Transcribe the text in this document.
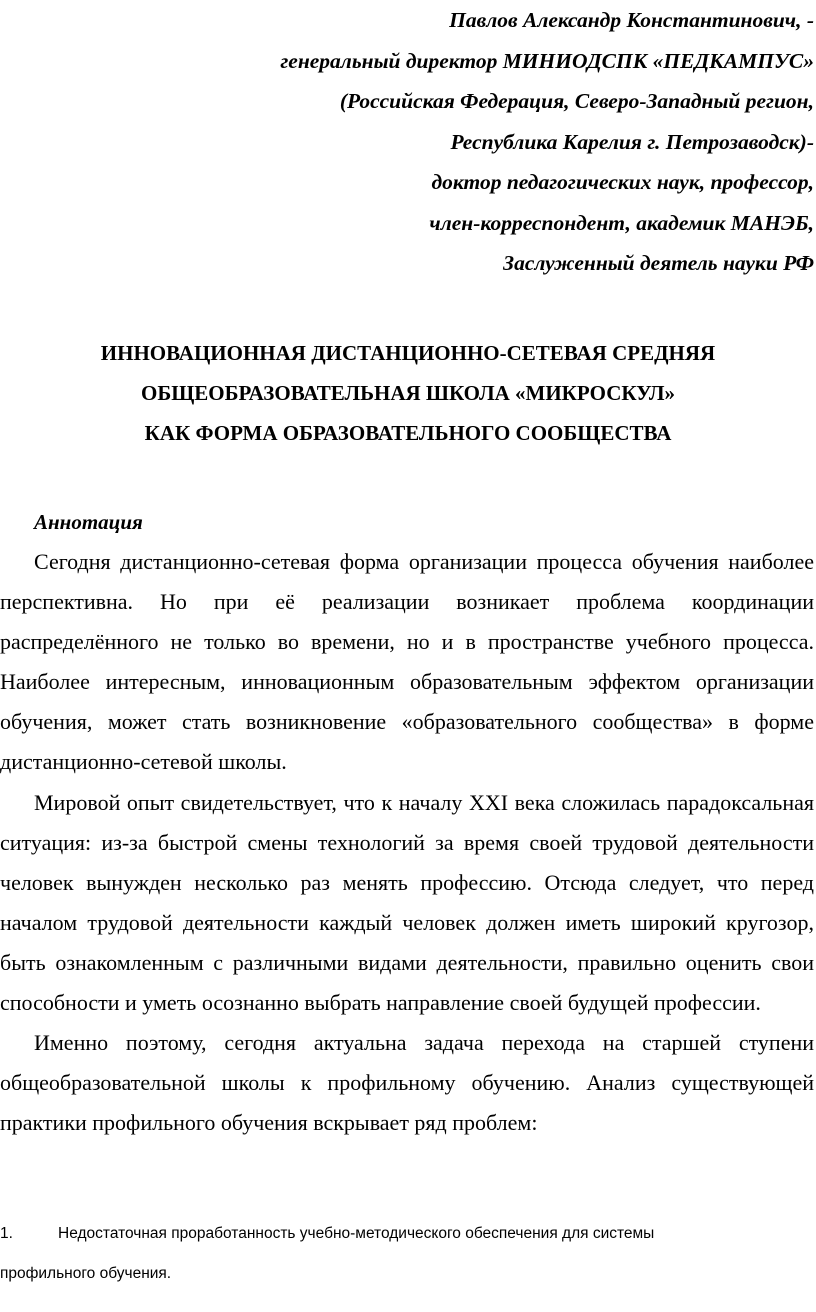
Павлов Александр Константинович, -
генеральный директор МИНИОДСПК «ПЕДКАМПУС»
(Российская Федерация, Северо-Западный регион,
Республика Карелия г. Петрозаводск)-
доктор педагогических наук, профессор,
член-корреспондент, академик МАНЭБ,
Заслуженный деятель науки РФ
ИННОВАЦИОННАЯ ДИСТАНЦИОННО-СЕТЕВАЯ СРЕДНЯЯ
ОБЩЕОБРАЗОВАТЕЛЬНАЯ ШКОЛА «МИКРОСКУЛ»
КАК ФОРМА ОБРАЗОВАТЕЛЬНОГО СООБЩЕСТВА
Аннотация

Сегодня дистанционно-сетевая форма организации процесса обучения наиболее перспективна. Но при её реализации возникает проблема координации распределённого не только во времени, но и в пространстве учебного процесса. Наиболее интересным, инновационным образовательным эффектом организации обучения, может стать возникновение «образовательного сообщества» в форме дистанционно-сетевой школы.

Мировой опыт свидетельствует, что к началу XXI века сложилась парадоксальная ситуация: из-за быстрой смены технологий за время своей трудовой деятельности человек вынужден несколько раз менять профессию. Отсюда следует, что перед началом трудовой деятельности каждый человек должен иметь широкий кругозор, быть ознакомленным с различными видами деятельности, правильно оценить свои способности и уметь осознанно выбрать направление своей будущей профессии.

Именно поэтому, сегодня актуальна задача перехода на старшей ступени общеобразовательной школы к профильному обучению. Анализ существующей практики профильного обучения вскрывает ряд проблем:

1.	Недостаточная проработанность учебно-методического обеспечения для системы

профильного обучения.
